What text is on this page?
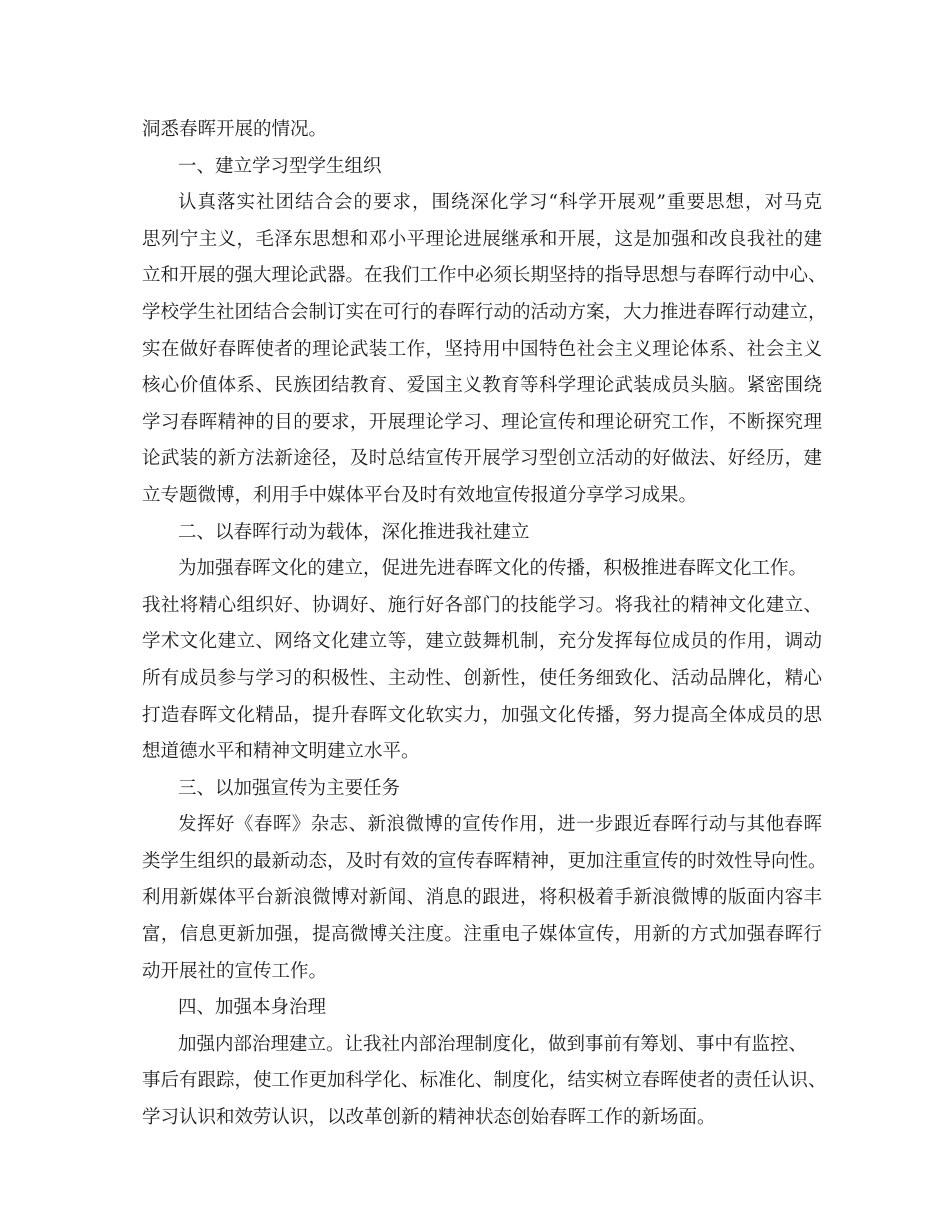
洞悉春晖开展的情况。
一、建立学习型学生组织
认真落实社团结合会的要求，围绕深化学习“科学开展观”重要思想，对马克
思列宁主义，毛泽东思想和邓小平理论进展继承和开展，这是加强和改良我社的建
立和开展的强大理论武器。在我们工作中必须长期坚持的指导思想与春晖行动中心、
学校学生社团结合会制订实在可行的春晖行动的活动方案，大力推进春晖行动建立，
实在做好春晖使者的理论武装工作，坚持用中国特色社会主义理论体系、社会主义
核心价值体系、民族团结教育、爱国主义教育等科学理论武装成员头脑。紧密围绕
学习春晖精神的目的要求，开展理论学习、理论宣传和理论研究工作，不断探究理
论武装的新方法新途径，及时总结宣传开展学习型创立活动的好做法、好经历，建
立专题微博，利用手中媒体平台及时有效地宣传报道分享学习成果。
二、以春晖行动为载体，深化推进我社建立
为加强春晖文化的建立，促进先进春晖文化的传播，积极推进春晖文化工作。
我社将精心组织好、协调好、施行好各部门的技能学习。将我社的精神文化建立、
学术文化建立、网络文化建立等，建立鼓舞机制，充分发挥每位成员的作用，调动
所有成员参与学习的积极性、主动性、创新性，使任务细致化、活动品牌化，精心
打造春晖文化精品，提升春晖文化软实力，加强文化传播，努力提高全体成员的思
想道德水平和精神文明建立水平。
三、以加强宣传为主要任务
发挥好《春晖》杂志、新浪微博的宣传作用，进一步跟近春晖行动与其他春晖
类学生组织的最新动态，及时有效的宣传春晖精神，更加注重宣传的时效性导向性。
利用新媒体平台新浪微博对新闻、消息的跟进，将积极着手新浪微博的版面内容丰
富，信息更新加强，提高微博关注度。注重电子媒体宣传，用新的方式加强春晖行
动开展社的宣传工作。
四、加强本身治理
加强内部治理建立。让我社内部治理制度化，做到事前有筹划、事中有监控、
事后有跟踪，使工作更加科学化、标准化、制度化，结实树立春晖使者的责任认识、
学习认识和效劳认识，以改革创新的精神状态创始春晖工作的新场面。
